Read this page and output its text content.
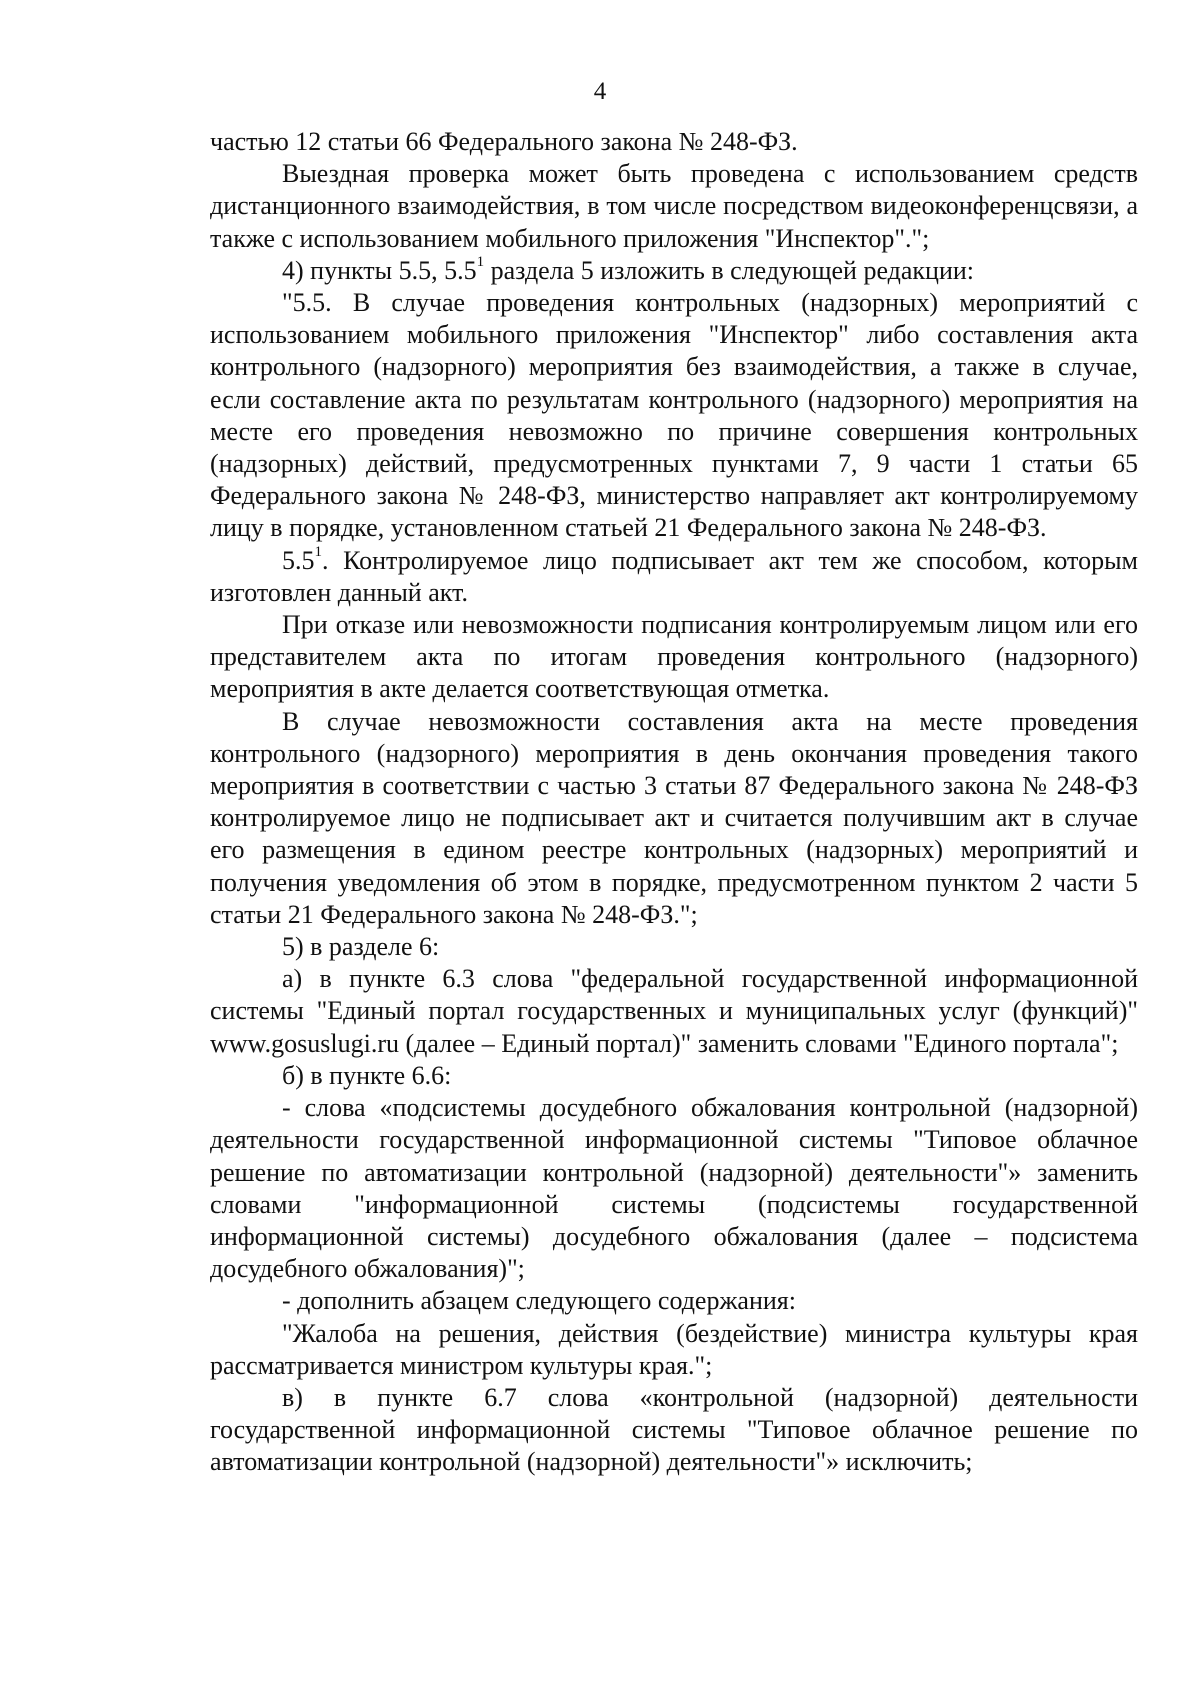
4

частью 12 статьи 66 Федерального закона № 248-ФЗ.

Выездная проверка может быть проведена с использованием средств дистанционного взаимодействия, в том числе посредством видеоконференцсвязи, а также с использованием мобильного приложения "Инспектор".";

4) пункты 5.5, $5.5^1$ раздела 5 изложить в следующей редакции:

"5.5. В случае проведения контрольных (надзорных) мероприятий с использованием мобильного приложения "Инспектор" либо составления акта контрольного (надзорного) мероприятия без взаимодействия, а также в случае, если составление акта по результатам контрольного (надзорного) мероприятия на месте его проведения невозможно по причине совершения контрольных (надзорных) действий, предусмотренных пунктами 7, 9 части 1 статьи 65 Федерального закона № 248-ФЗ, министерство направляет акт контролируемому лицу в порядке, установленном статьей 21 Федерального закона № 248-ФЗ.

$5.5^1$. Контролируемое лицо подписывает акт тем же способом, которым изготовлен данный акт.

При отказе или невозможности подписания контролируемым лицом или его представителем акта по итогам проведения контрольного (надзорного) мероприятия в акте делается соответствующая отметка.

В случае невозможности составления акта на месте проведения контрольного (надзорного) мероприятия в день окончания проведения такого мероприятия в соответствии с частью 3 статьи 87 Федерального закона № 248-ФЗ контролируемое лицо не подписывает акт и считается получившим акт в случае его размещения в едином реестре контрольных (надзорных) мероприятий и получения уведомления об этом в порядке, предусмотренном пунктом 2 части 5 статьи 21 Федерального закона № 248-ФЗ.";

5) в разделе 6:

а) в пункте 6.3 слова "федеральной государственной информационной системы "Единый портал государственных и муниципальных услуг (функций)" www.gosuslugi.ru (далее – Единый портал)" заменить словами "Единого портала";

б) в пункте 6.6:

- слова «подсистемы досудебного обжалования контрольной (надзорной) деятельности государственной информационной системы "Типовое облачное решение по автоматизации контрольной (надзорной) деятельности"» заменить словами "информационной системы (подсистемы государственной информационной системы) досудебного обжалования (далее – подсистема досудебного обжалования)";

- дополнить абзацем следующего содержания:

"Жалоба на решения, действия (бездействие) министра культуры края рассматривается министром культуры края.";

в) в пункте 6.7 слова «контрольной (надзорной) деятельности государственной информационной системы "Типовое облачное решение по автоматизации контрольной (надзорной) деятельности"» исключить;
